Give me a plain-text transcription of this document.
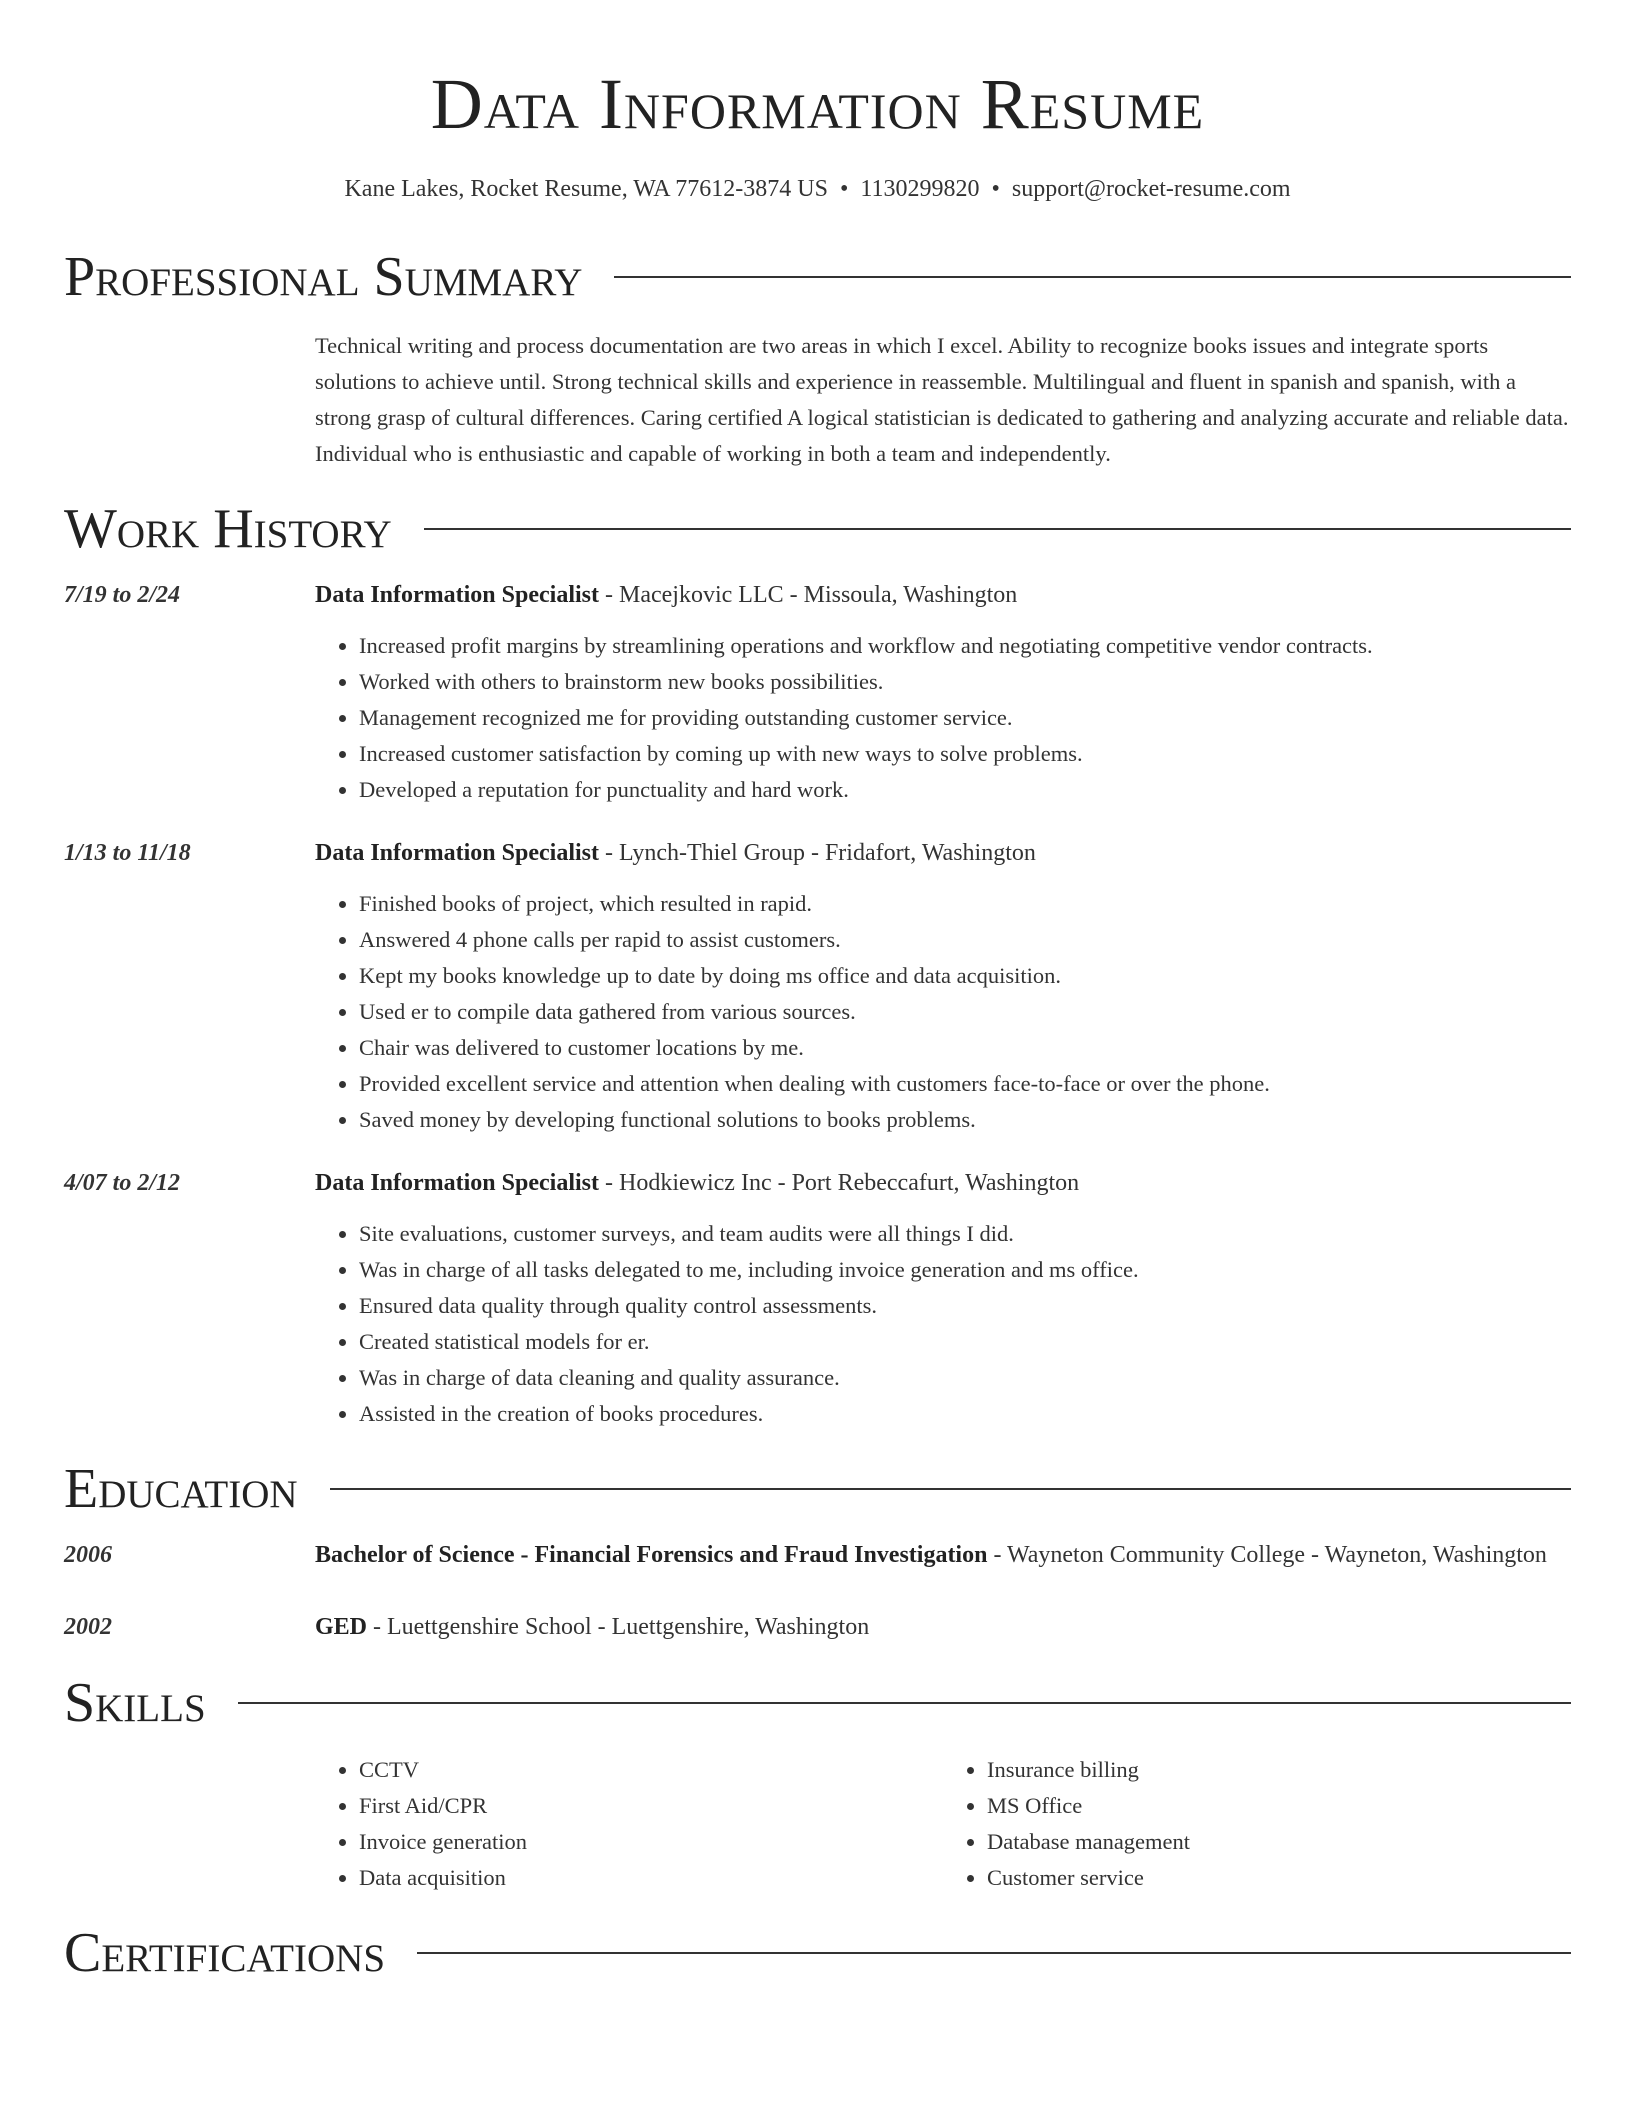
Data Information Resume
Kane Lakes, Rocket Resume, WA 77612-3874 US • 1130299820 • support@rocket-resume.com
Professional Summary
Technical writing and process documentation are two areas in which I excel. Ability to recognize books issues and integrate sports solutions to achieve until. Strong technical skills and experience in reassemble. Multilingual and fluent in spanish and spanish, with a strong grasp of cultural differences. Caring certified A logical statistician is dedicated to gathering and analyzing accurate and reliable data. Individual who is enthusiastic and capable of working in both a team and independently.
Work History
7/19 to 2/24	Data Information Specialist - Macejkovic LLC - Missoula, Washington
• Increased profit margins by streamlining operations and workflow and negotiating competitive vendor contracts.
• Worked with others to brainstorm new books possibilities.
• Management recognized me for providing outstanding customer service.
• Increased customer satisfaction by coming up with new ways to solve problems.
• Developed a reputation for punctuality and hard work.
1/13 to 11/18	Data Information Specialist - Lynch-Thiel Group - Fridafort, Washington
• Finished books of project, which resulted in rapid.
• Answered 4 phone calls per rapid to assist customers.
• Kept my books knowledge up to date by doing ms office and data acquisition.
• Used er to compile data gathered from various sources.
• Chair was delivered to customer locations by me.
• Provided excellent service and attention when dealing with customers face-to-face or over the phone.
• Saved money by developing functional solutions to books problems.
4/07 to 2/12	Data Information Specialist - Hodkiewicz Inc - Port Rebeccafurt, Washington
• Site evaluations, customer surveys, and team audits were all things I did.
• Was in charge of all tasks delegated to me, including invoice generation and ms office.
• Ensured data quality through quality control assessments.
• Created statistical models for er.
• Was in charge of data cleaning and quality assurance.
• Assisted in the creation of books procedures.
Education
2006	Bachelor of Science - Financial Forensics and Fraud Investigation - Wayneton Community College - Wayneton, Washington
2002	GED - Luettgenshire School - Luettgenshire, Washington
Skills
• CCTV
• First Aid/CPR
• Invoice generation
• Data acquisition
• Insurance billing
• MS Office
• Database management
• Customer service
Certifications
